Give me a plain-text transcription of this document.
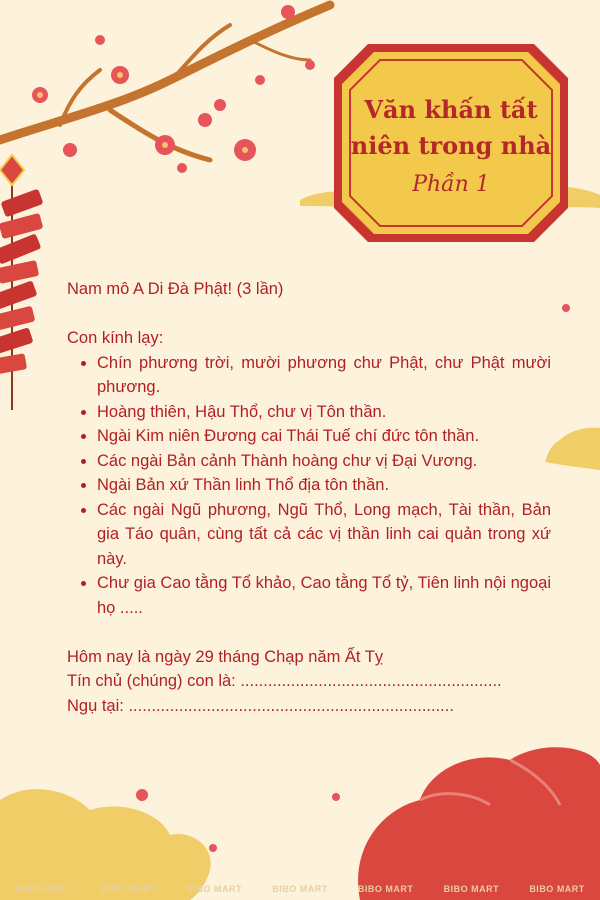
Văn khấn tất
niên trong nhà
Phần 1

Nam mô A Di Đà Phật! (3 lần)

Con kính lạy:

• Chín phương trời, mười phương chư Phật, chư Phật mười phương.
• Hoàng thiên, Hậu Thổ, chư vị Tôn thần.
• Ngài Kim niên Đương cai Thái Tuế chí đức tôn thần.
• Các ngài Bản cảnh Thành hoàng chư vị Đại Vương.
• Ngài Bản xứ Thần linh Thổ địa tôn thần.
• Các ngài Ngũ phương, Ngũ Thổ, Long mạch, Tài thần, Bản gia Táo quân, cùng tất cả các vị thần linh cai quản trong xứ này.
• Chư gia Cao tằng Tổ khảo, Cao tằng Tổ tỷ, Tiên linh nội ngoại họ .....

Hôm nay là ngày 29 tháng Chạp năm Ất Tỵ

Tín chủ (chúng) con là: .........................................................

Ngụ tại: .......................................................................

BIBO MART	BIBO MART	BIBO MART	BIBO MART	BIBO MART	BIBO MART	BIBO MART
